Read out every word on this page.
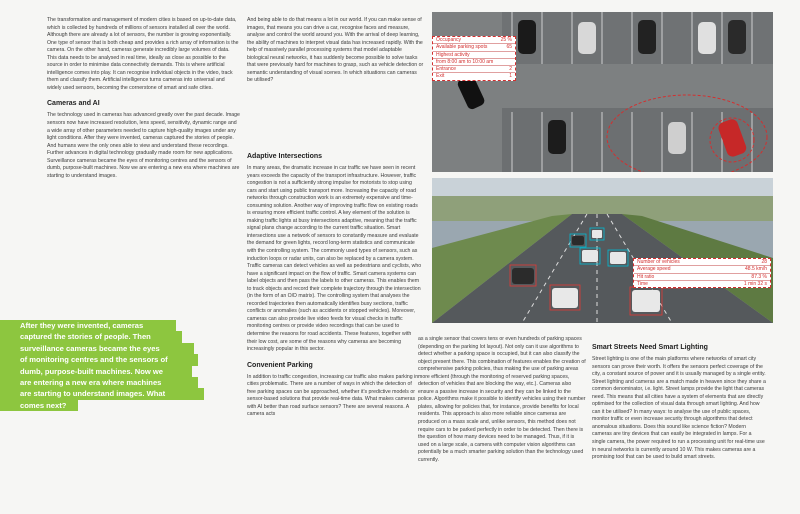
The transformation and management of modern cities is based on up-to-date data, which is collected by hundreds of millions of sensors installed all over the world. Although there are already a lot of sensors, the number is growing exponentially. One type of sensor that is both cheap and provides a rich array of information is the camera. On the other hand, cameras generate incredibly large volumes of data. This data needs to be analysed in real time, ideally as close as possible to the source in order to minimise data connectivity demands. This is where artificial intelligence comes into play. It can recognise individual objects in the video, track them and classify them. Artificial intelligence turns cameras into universal and widely used sensors, becoming the cornerstone of smart and safe cities.

Cameras and AI

The technology used in cameras has advanced greatly over the past decade. Image sensors now have increased resolution, lens speed, sensitivity, dynamic range and a wide array of other parameters needed to capture high-quality images under any light conditions. After they were invented, cameras captured the stories of people. And humans were the only ones able to view and understand these recordings. Further advances in digital technology gradually made room for new applications. Surveillance cameras became the eyes of monitoring centres and the sensors of dumb, purpose-built machines. Now we are entering a new era where machines are starting to understand images.

And being able to do that means a lot in our world. If you can make sense of images, that means you can drive a car, recognise faces and measure, analyse and control the world around you. With the arrival of deep learning, the ability of machines to interpret visual data has increased rapidly. With the help of massively parallel processing systems that model adaptable biological neural networks, it has suddenly become possible to solve tasks that were previously hard for machines to grasp, such as vehicle detection or semantic understanding of visual scenes. In which situations can cameras be utilised?

Adaptive Intersections

In many areas, the dramatic increase in car traffic we have seen in recent years exceeds the capacity of the transport infrastructure. However, traffic congestion is not a sufficiently strong impulse for motorists to stop using cars and start using public transport more. Increasing the capacity of road networks through construction work is an extremely expensive and time-consuming solution. Another way of improving traffic flow on existing roads is ensuring more efficient traffic control. A key element of the solution is making traffic lights at busy intersections adaptive, meaning that the traffic signal plans change according to the current traffic situation. Smart intersections use a network of sensors to constantly measure and evaluate the demand for green lights, record long-term statistics and communicate with the controlling system. The commonly used types of sensors, such as induction loops or radar units, can also be replaced by a camera system. Traffic cameras can detect vehicles as well as pedestrians and cyclists, who have a significant impact on the flow of traffic. Smart camera systems can label objects and then pass the labels to other cameras. This enables them to track objects and record their complete trajectory through the intersection (in the form of an O/D matrix). The controlling system that analyses the recorded trajectories then automatically identifies busy sections, traffic conflicts or anomalies (such as accidents or stopped vehicles). Moreover, cameras can also provide live video feeds for visual checks in traffic monitoring centres or provide video recordings that can be used to determine the reasons for road accidents. These features, together with their low cost, are some of the reasons why cameras are becoming increasingly popular in this sector.

Convenient Parking

In addition to traffic congestion, increasing car traffic also makes parking in cities problematic. There are a number of ways in which the detection of free parking spaces can be approached, whether it's predictive models or sensor-based solutions that provide real-time data. What makes cameras with AI better than road surface sensors? There are several reasons. A camera acts

as a single sensor that covers tens or even hundreds of parking spaces (depending on the parking lot layout). Not only can it use algorithms to detect whether a parking space is occupied, but it can also classify the object present there. This combination of features enables the creation of comprehensive parking policies, thus making the use of parking areas more efficient (through the monitoring of reserved parking spaces, detection of vehicles that are blocking the way, etc.). Cameras also ensure a passive increase in security and they can be linked to the police. Algorithms make it possible to identify vehicles using their number plates, allowing for policies that, for instance, provide benefits for local residents. This approach is also more reliable since cameras are produced on a mass scale and, unlike sensors, this method does not require cars to be parked perfectly in order to be detected. Then there is the question of how many devices need to be managed. Thus, if it is used on a large scale, a camera with computer vision algorithms can potentially be a much smarter parking solution than the technology used currently.

Smart Streets Need Smart Lighting

Street lighting is one of the main platforms where networks of smart city sensors can prove their worth. It offers the sensors perfect coverage of the city, a constant source of power and it is usually managed by a single entity. Street lighting and cameras are a match made in heaven since they share a common denominator, i.e. light. Street lamps provide the light that cameras need. This means that all cities have a system of elements that are directly optimised for the collection of visual data through smart lighting. And how can it be utilised? In many ways: to analyse the use of public spaces, monitor traffic or even increase security through algorithms that detect anomalous situations. Does this sound like science fiction? Modern cameras are tiny devices that can easily be integrated in lamps. For a single camera, the power required to run a processing unit for real-time use in neural networks is currently around 10 W. This makes cameras are a promising tool that can be used to build smart streets.

After they were invented, cameras
captured the stories of people. Then
surveillance cameras became the eyes
of monitoring centres and the sensors of
dumb, purpose-built machines. Now we
are entering a new era where machines
are starting to understand images. What
comes next?
Occupancy	25 %
Available parking spots	65
Highest activity
from 8:00 am to 10:00 am
Entrance	2
Exit	1
Number of vehicles	28
Average speed	48.5 km/h
Hit ratio	87.3 %
Time	1 min 32 s
